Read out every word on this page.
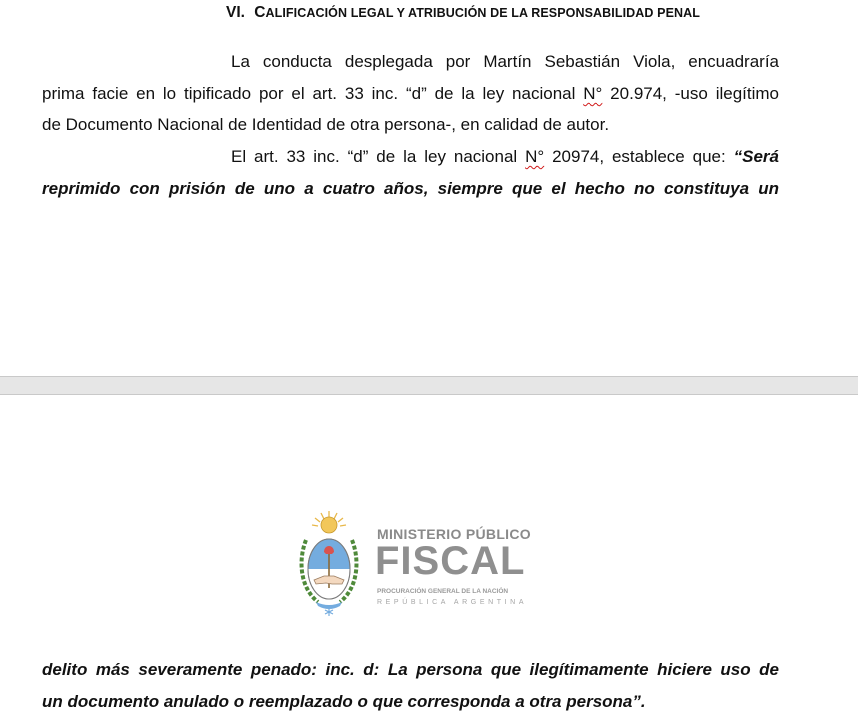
VI. CALIFICACIÓN LEGAL Y ATRIBUCIÓN DE LA RESPONSABILIDAD PENAL
La conducta desplegada por Martín Sebastián Viola, encuadraría
prima facie en lo tipificado por el art. 33 inc. “d” de la ley nacional N° 20.974, -uso ilegítimo
de Documento Nacional de Identidad de otra persona-, en calidad de autor.
El art. 33 inc. “d” de la ley nacional N° 20974, establece que: “Será
reprimido con prisión de uno a cuatro años, siempre que el hecho no constituya un
MINISTERIO PÚBLICO
FISCAL
PROCURACIÓN GENERAL DE LA NACIÓN
REPÚBLICA ARGENTINA
delito más severamente penado: inc. d: La persona que ilegítimamente hiciere uso de
un documento anulado o reemplazado o que corresponda a otra persona”.
